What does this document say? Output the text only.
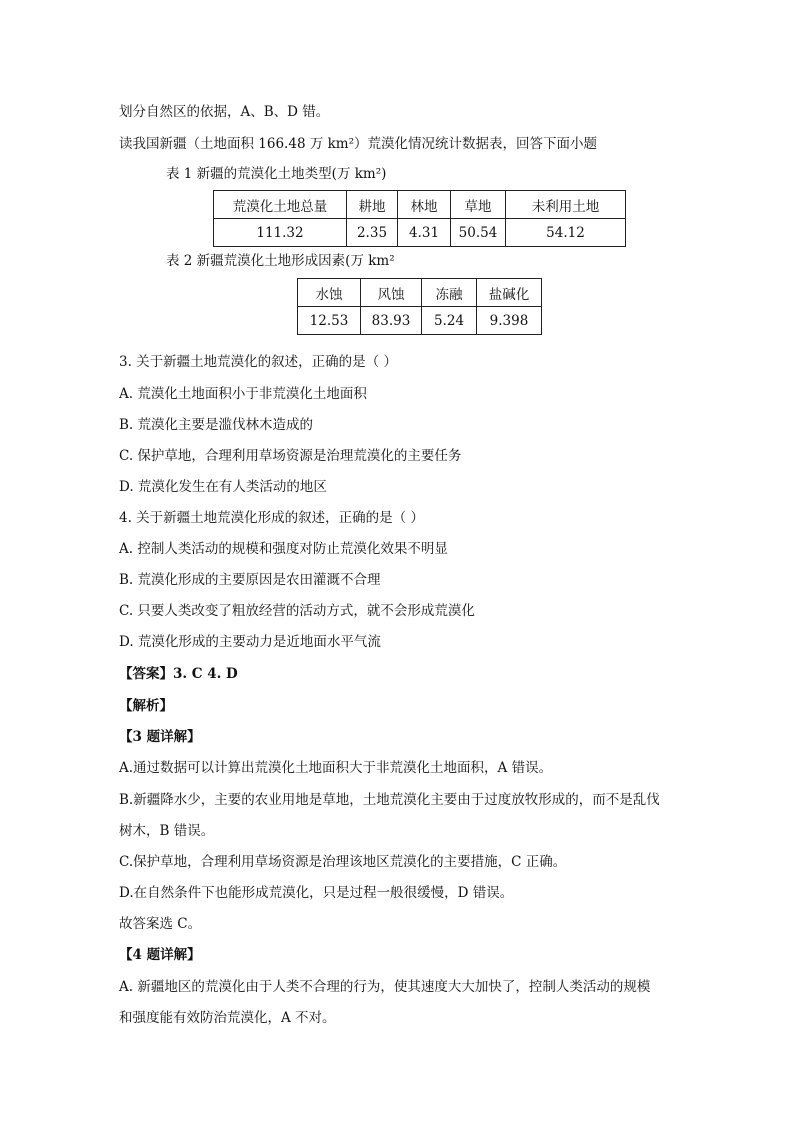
划分自然区的依据，A、B、D 错。
读我国新疆（土地面积 166.48 万 km²）荒漠化情况统计数据表，回答下面小题
表 1 新疆的荒漠化土地类型(万 km²)
荒漠化土地总量	耕地	林地	草地	未利用土地
111.32	2.35	4.31	50.54	54.12
表 2 新疆荒漠化土地形成因素(万 km²
水蚀	风蚀	冻融	盐碱化
12.53	83.93	5.24	9.398
3. 关于新疆土地荒漠化的叙述，正确的是（ ）
A. 荒漠化土地面积小于非荒漠化土地面积
B. 荒漠化主要是滥伐林木造成的
C. 保护草地，合理利用草场资源是治理荒漠化的主要任务
D. 荒漠化发生在有人类活动的地区
4. 关于新疆土地荒漠化形成的叙述，正确的是（ ）
A. 控制人类活动的规模和强度对防止荒漠化效果不明显
B. 荒漠化形成的主要原因是农田灌溉不合理
C. 只要人类改变了粗放经营的活动方式，就不会形成荒漠化
D. 荒漠化形成的主要动力是近地面水平气流
【答案】3. C 4. D
【解析】
【3 题详解】
A.通过数据可以计算出荒漠化土地面积大于非荒漠化土地面积，A 错误。
B.新疆降水少，主要的农业用地是草地，土地荒漠化主要由于过度放牧形成的，而不是乱伐
树木，B 错误。
C.保护草地，合理利用草场资源是治理该地区荒漠化的主要措施，C 正确。
D.在自然条件下也能形成荒漠化，只是过程一般很缓慢，D 错误。
故答案选 C。
【4 题详解】
A. 新疆地区的荒漠化由于人类不合理的行为，使其速度大大加快了，控制人类活动的规模
和强度能有效防治荒漠化，A 不对。
